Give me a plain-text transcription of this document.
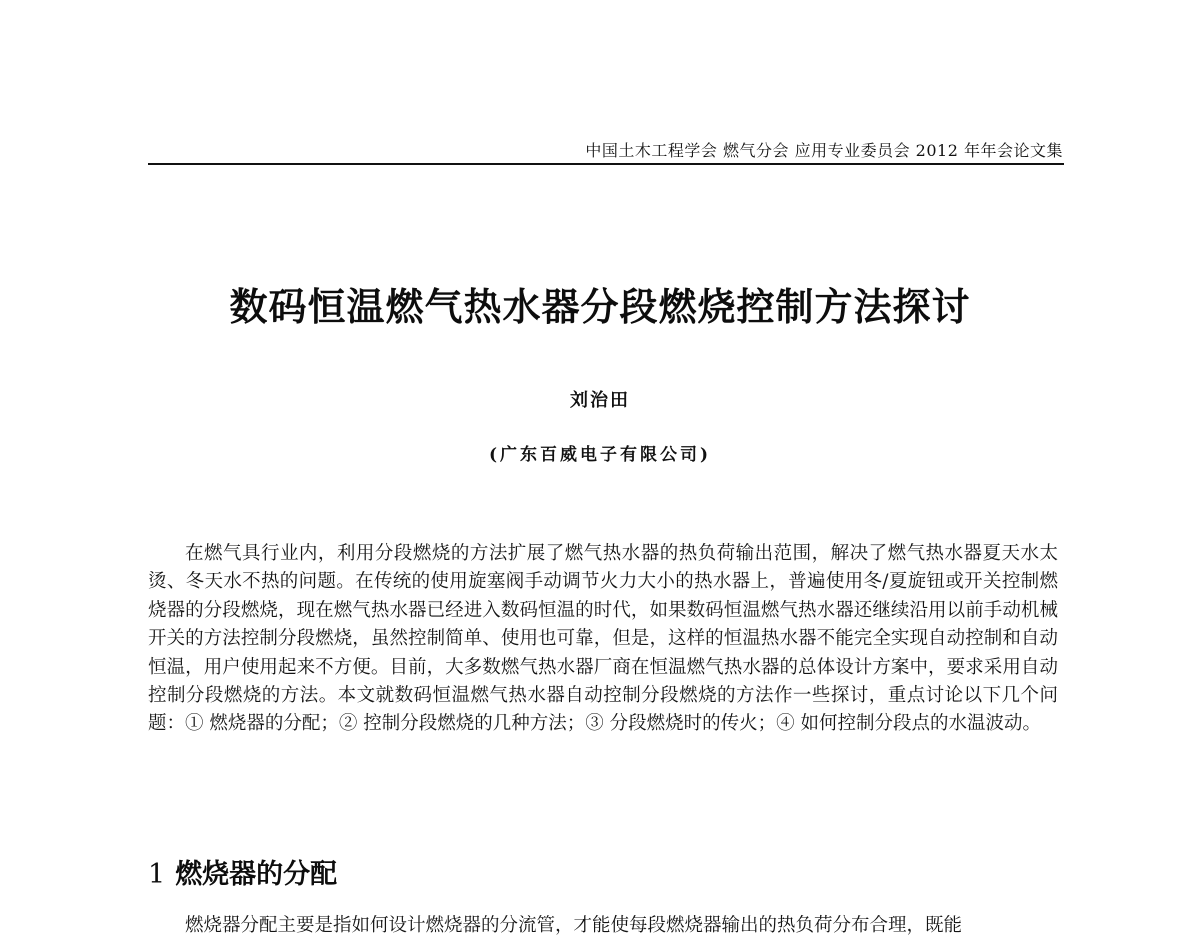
中国土木工程学会 燃气分会 应用专业委员会 2012 年年会论文集
数码恒温燃气热水器分段燃烧控制方法探讨
刘治田
(广东百威电子有限公司)

在燃气具行业内，利用分段燃烧的方法扩展了燃气热水器的热负荷输出范围，解决了燃气热水器夏天水太烫、冬天水不热的问题。在传统的使用旋塞阀手动调节火力大小的热水器上，普遍使用冬/夏旋钮或开关控制燃烧器的分段燃烧，现在燃气热水器已经进入数码恒温的时代，如果数码恒温燃气热水器还继续沿用以前手动机械开关的方法控制分段燃烧，虽然控制简单、使用也可靠，但是，这样的恒温热水器不能完全实现自动控制和自动恒温，用户使用起来不方便。目前，大多数燃气热水器厂商在恒温燃气热水器的总体设计方案中，要求采用自动控制分段燃烧的方法。本文就数码恒温燃气热水器自动控制分段燃烧的方法作一些探讨，重点讨论以下几个问题：① 燃烧器的分配；② 控制分段燃烧的几种方法；③ 分段燃烧时的传火；④ 如何控制分段点的水温波动。

1 燃烧器的分配

燃烧器分配主要是指如何设计燃烧器的分流管，才能使每段燃烧器输出的热负荷分布合理，既能
